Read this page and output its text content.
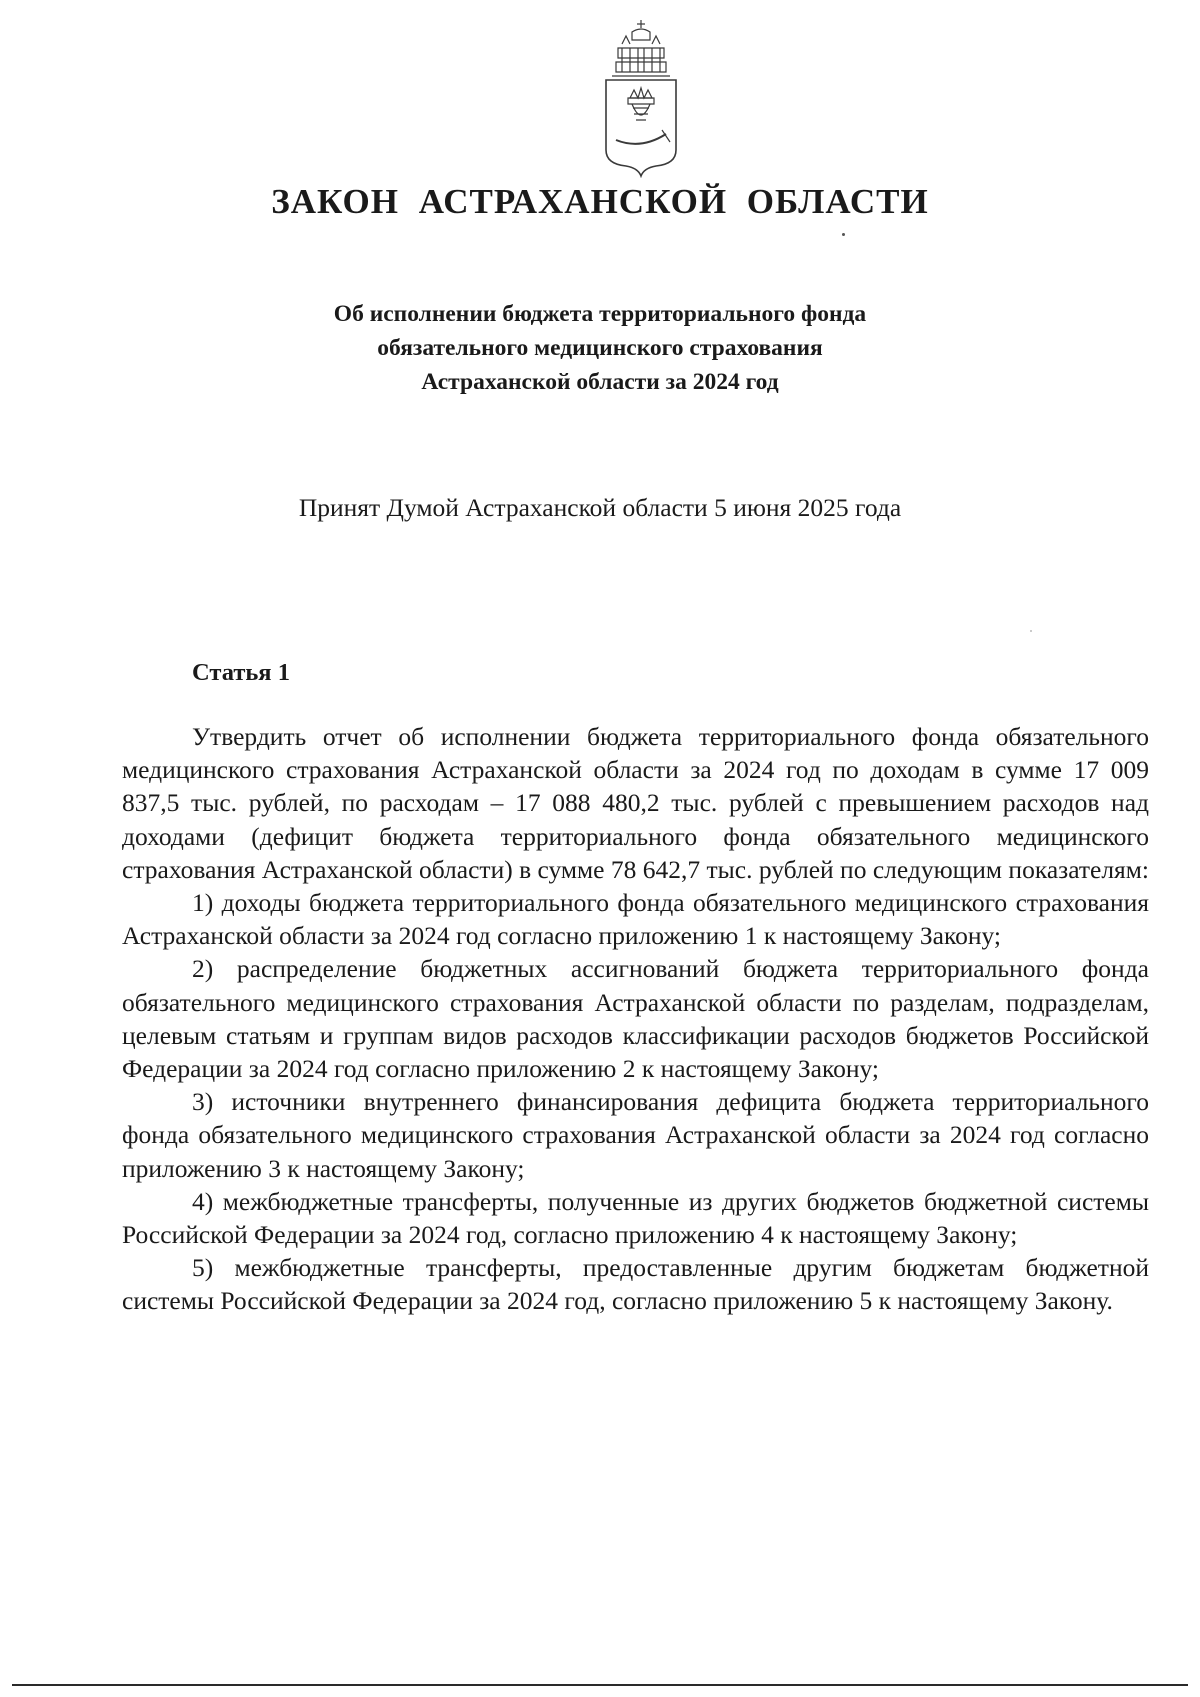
ЗАКОН АСТРАХАНСКОЙ ОБЛАСТИ
Об исполнении бюджета территориального фонда
обязательного медицинского страхования
Астраханской области за 2024 год
Принят Думой Астраханской области 5 июня 2025 года
Статья 1

Утвердить отчет об исполнении бюджета территориального фонда обязательного медицинского страхования Астраханской области за 2024 год по доходам в сумме 17 009 837,5 тыс. рублей, по расходам – 17 088 480,2 тыс. рублей с превышением расходов над доходами (дефицит бюджета территориального фонда обязательного медицинского страхования Астраханской области) в сумме 78 642,7 тыс. рублей по следующим показателям:

1) доходы бюджета территориального фонда обязательного медицинского страхования Астраханской области за 2024 год согласно приложению 1 к настоящему Закону;

2) распределение бюджетных ассигнований бюджета территориального фонда обязательного медицинского страхования Астраханской области по разделам, подразделам, целевым статьям и группам видов расходов классификации расходов бюджетов Российской Федерации за 2024 год согласно приложению 2 к настоящему Закону;

3) источники внутреннего финансирования дефицита бюджета территориального фонда обязательного медицинского страхования Астраханской области за 2024 год согласно приложению 3 к настоящему Закону;

4) межбюджетные трансферты, полученные из других бюджетов бюджетной системы Российской Федерации за 2024 год, согласно приложению 4 к настоящему Закону;

5) межбюджетные трансферты, предоставленные другим бюджетам бюджетной системы Российской Федерации за 2024 год, согласно приложению 5 к настоящему Закону.
